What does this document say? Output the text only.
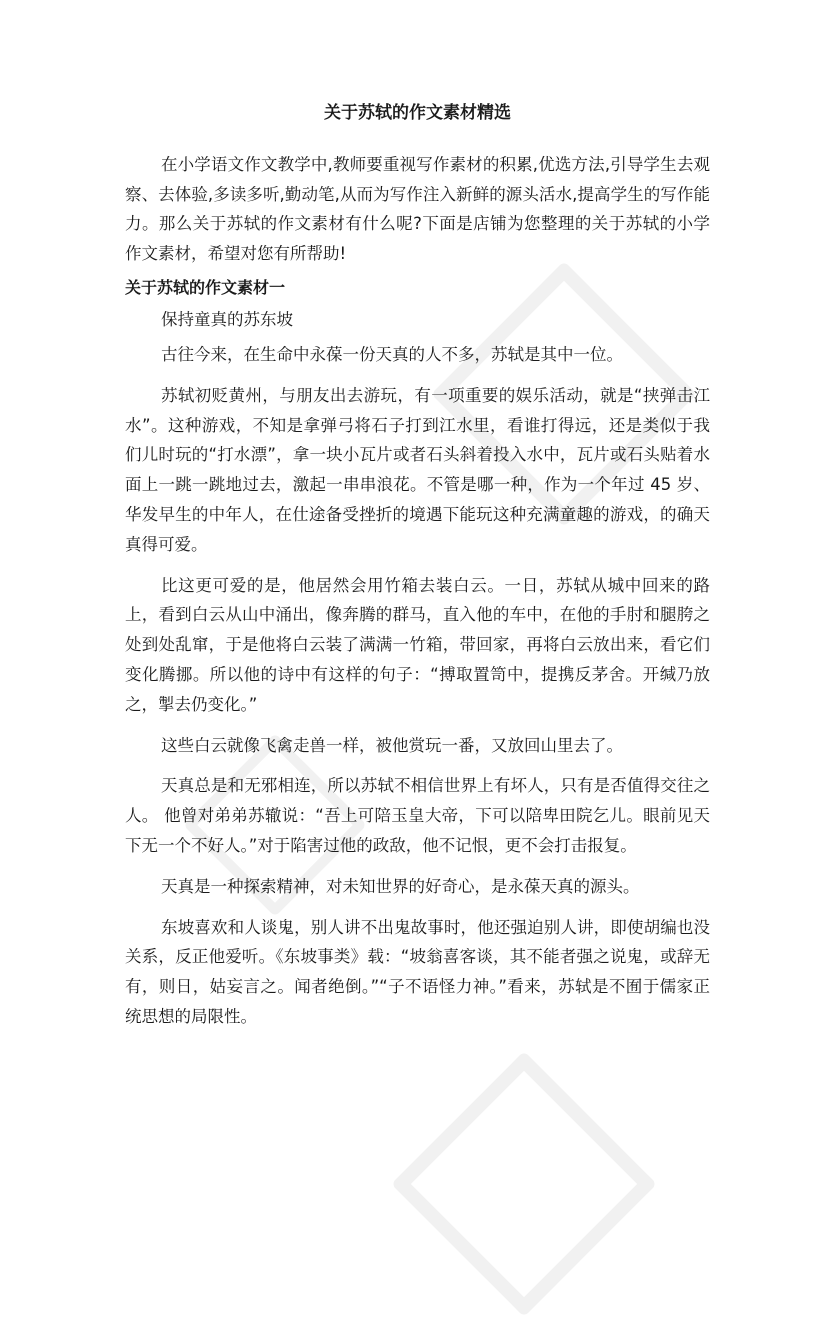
关于苏轼的作文素材精选

在小学语文作文教学中,教师要重视写作素材的积累,优选方法,引导学生去观察、去体验,多读多听,勤动笔,从而为写作注入新鲜的源头活水,提高学生的写作能力。那么关于苏轼的作文素材有什么呢?下面是店铺为您整理的关于苏轼的小学作文素材，希望对您有所帮助!

关于苏轼的作文素材一
保持童真的苏东坡

古往今来，在生命中永葆一份天真的人不多，苏轼是其中一位。

苏轼初贬黄州，与朋友出去游玩，有一项重要的娱乐活动，就是“挟弹击江水”。这种游戏，不知是拿弹弓将石子打到江水里，看谁打得远，还是类似于我们儿时玩的“打水漂”，拿一块小瓦片或者石头斜着投入水中，瓦片或石头贴着水面上一跳一跳地过去，激起一串串浪花。不管是哪一种，作为一个年过 45 岁、华发早生的中年人，在仕途备受挫折的境遇下能玩这种充满童趣的游戏，的确天真得可爱。

比这更可爱的是，他居然会用竹箱去装白云。一日，苏轼从城中回来的路上，看到白云从山中涌出，像奔腾的群马，直入他的车中，在他的手肘和腿胯之处到处乱窜，于是他将白云装了满满一竹箱，带回家，再将白云放出来，看它们变化腾挪。所以他的诗中有这样的句子：“搏取置笥中，提携反茅舍。开缄乃放之，掣去仍变化。”

这些白云就像飞禽走兽一样，被他赏玩一番，又放回山里去了。

天真总是和无邪相连，所以苏轼不相信世界上有坏人，只有是否值得交往之人。 他曾对弟弟苏辙说：“吾上可陪玉皇大帝，下可以陪卑田院乞儿。眼前见天下无一个不好人。”对于陷害过他的政敌，他不记恨，更不会打击报复。

天真是一种探索精神，对未知世界的好奇心，是永葆天真的源头。

东坡喜欢和人谈鬼，别人讲不出鬼故事时，他还强迫别人讲，即使胡编也没关系，反正他爱听。《东坡事类》载：“坡翁喜客谈，其不能者强之说鬼，或辞无有，则日，姑妄言之。闻者绝倒。”“子不语怪力神。”看来，苏轼是不囿于儒家正统思想的局限性。
